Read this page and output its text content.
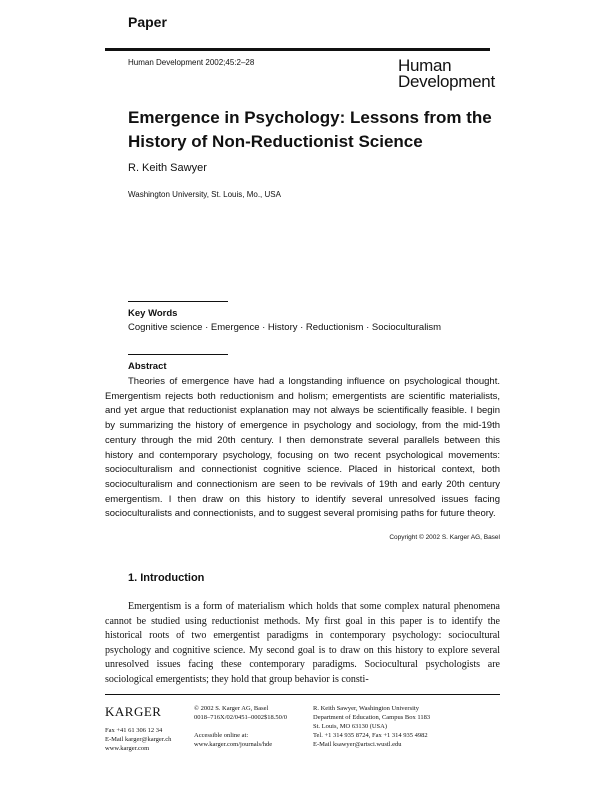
Paper
Human Development 2002;45:2–28	Human
Development
Emergence in Psychology: Lessons from the History of Non-Reductionist Science
R. Keith Sawyer
Washington University, St. Louis, Mo., USA
Key Words
Cognitive science · Emergence · History · Reductionism · Socioculturalism
Abstract

Theories of emergence have had a longstanding influence on psychological thought. Emergentism rejects both reductionism and holism; emergentists are scientific materialists, and yet argue that reductionist explanation may not always be scientifically feasible. I begin by summarizing the history of emergence in psychology and sociology, from the mid-19th century through the mid 20th century. I then demonstrate several parallels between this history and contemporary psychology, focusing on two recent psychological movements: socioculturalism and connectionist cognitive science. Placed in historical context, both socioculturalism and connectionism are seen to be revivals of 19th and early 20th century emergentism. I then draw on this history to identify several unresolved issues facing socioculturalists and connectionists, and to suggest several promising paths for future theory.

Copyright © 2002 S. Karger AG, Basel
1. Introduction

Emergentism is a form of materialism which holds that some complex natural phenomena cannot be studied using reductionist methods. My first goal in this paper is to identify the historical roots of two emergentist paradigms in contemporary psychology: sociocultural psychology and cognitive science. My second goal is to draw on this history to explore several unresolved issues facing these contemporary paradigms. Sociocultural psychologists are sociological emergentists; they hold that group behavior is consti-

KARGER
Fax +41 61 306 12 34
E-Mail karger@karger.ch
www.karger.com
© 2002 S. Karger AG, Basel
0018–716X/02/0451–0002$18.50/0
Accessible online at:
www.karger.com/journals/hde
R. Keith Sawyer, Washington University
Department of Education, Campus Box 1183
St. Louis, MO 63130 (USA)
Tel. +1 314 935 8724, Fax +1 314 935 4982
E-Mail ksawyer@artsci.wustl.edu
